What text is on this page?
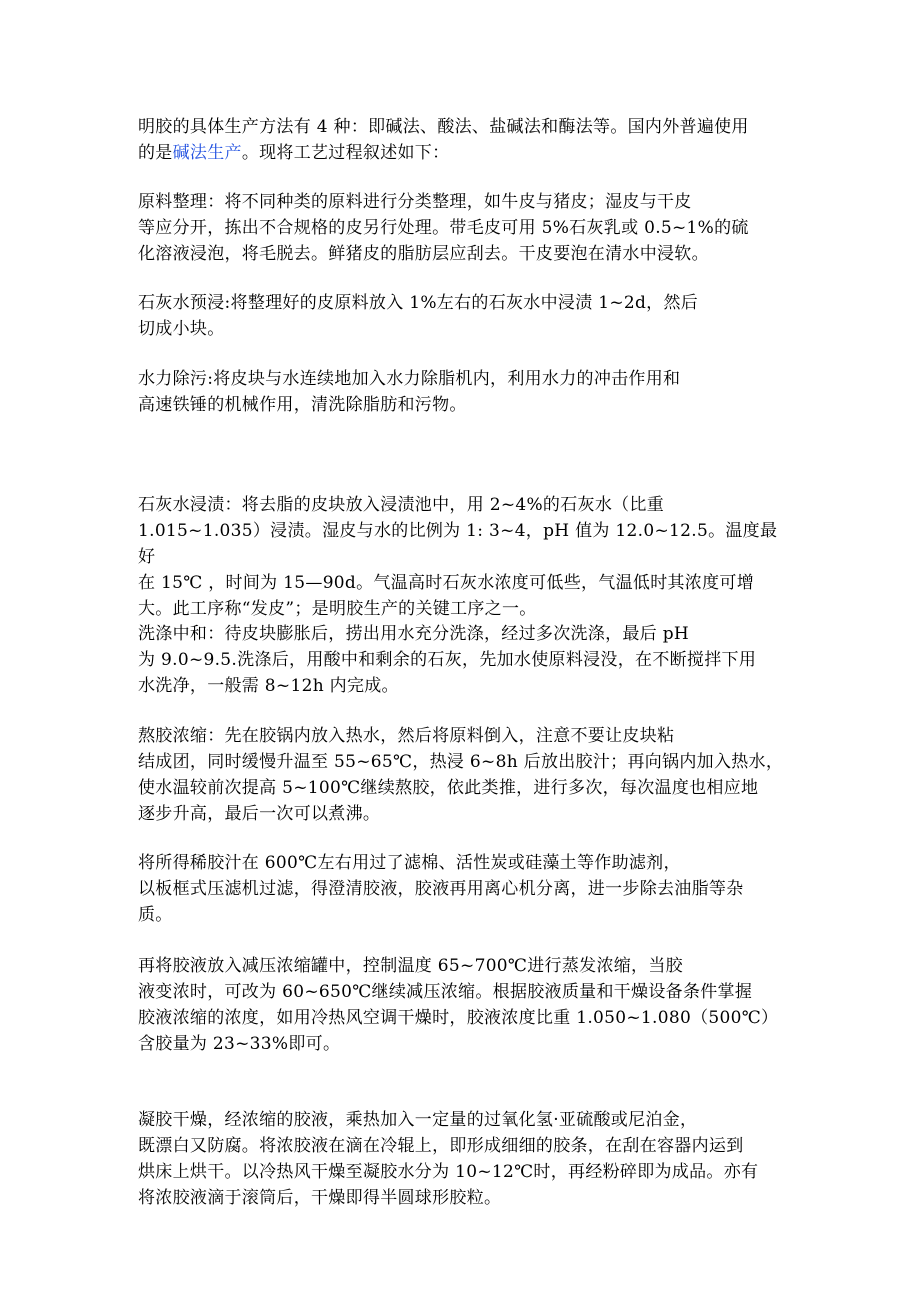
明胶的具体生产方法有 4 种：即碱法、酸法、盐碱法和酶法等。国内外普遍使用
的是碱法生产。现将工艺过程叙述如下：

原料整理：将不同种类的原料进行分类整理，如牛皮与猪皮；湿皮与干皮
等应分开，拣出不合规格的皮另行处理。带毛皮可用 5%石灰乳或 0.5~1%的硫
化溶液浸泡，将毛脱去。鲜猪皮的脂肪层应刮去。干皮要泡在清水中浸软。

石灰水预浸:将整理好的皮原料放入 1%左右的石灰水中浸渍 1~2d，然后
切成小块。

水力除污:将皮块与水连续地加入水力除脂机内，利用水力的冲击作用和
高速铁锤的机械作用，清洗除脂肪和污物。

石灰水浸渍：将去脂的皮块放入浸渍池中，用 2~4%的石灰水（比重
1.015~1.035）浸渍。湿皮与水的比例为 1: 3~4，pH 值为 12.0~12.5。温度最好
在 15℃ ，时间为 15—90d。气温高时石灰水浓度可低些，气温低时其浓度可增
大。此工序称“发皮”；是明胶生产的关键工序之一。

洗涤中和：待皮块膨胀后，捞出用水充分洗涤，经过多次洗涤，最后 pH
为 9.0~9.5.洗涤后，用酸中和剩余的石灰，先加水使原料浸没，在不断搅拌下用
水洗净，一般需 8~12h 内完成。

熬胶浓缩：先在胶锅内放入热水，然后将原料倒入，注意不要让皮块粘
结成团，同时缓慢升温至 55~65℃，热浸 6~8h 后放出胶汁；再向锅内加入热水，
使水温较前次提高 5~100℃继续熬胶，依此类推，进行多次，每次温度也相应地
逐步升高，最后一次可以煮沸。

将所得稀胶汁在 600℃左右用过了滤棉、活性炭或硅藻土等作助滤剂，
以板框式压滤机过滤，得澄清胶液，胶液再用离心机分离，进一步除去油脂等杂
质。

再将胶液放入减压浓缩罐中，控制温度 65~700℃进行蒸发浓缩，当胶
液变浓时，可改为 60~650℃继续减压浓缩。根据胶液质量和干燥设备条件掌握
胶液浓缩的浓度，如用冷热风空调干燥时，胶液浓度比重 1.050~1.080（500℃）
含胶量为 23~33%即可。

凝胶干燥，经浓缩的胶液，乘热加入一定量的过氧化氢·亚硫酸或尼泊金，
既漂白又防腐。将浓胶液在滴在冷辊上，即形成细细的胶条，在刮在容器内运到
烘床上烘干。以冷热风干燥至凝胶水分为 10~12℃时，再经粉碎即为成品。亦有
将浓胶液滴于滚筒后，干燥即得半圆球形胶粒。
